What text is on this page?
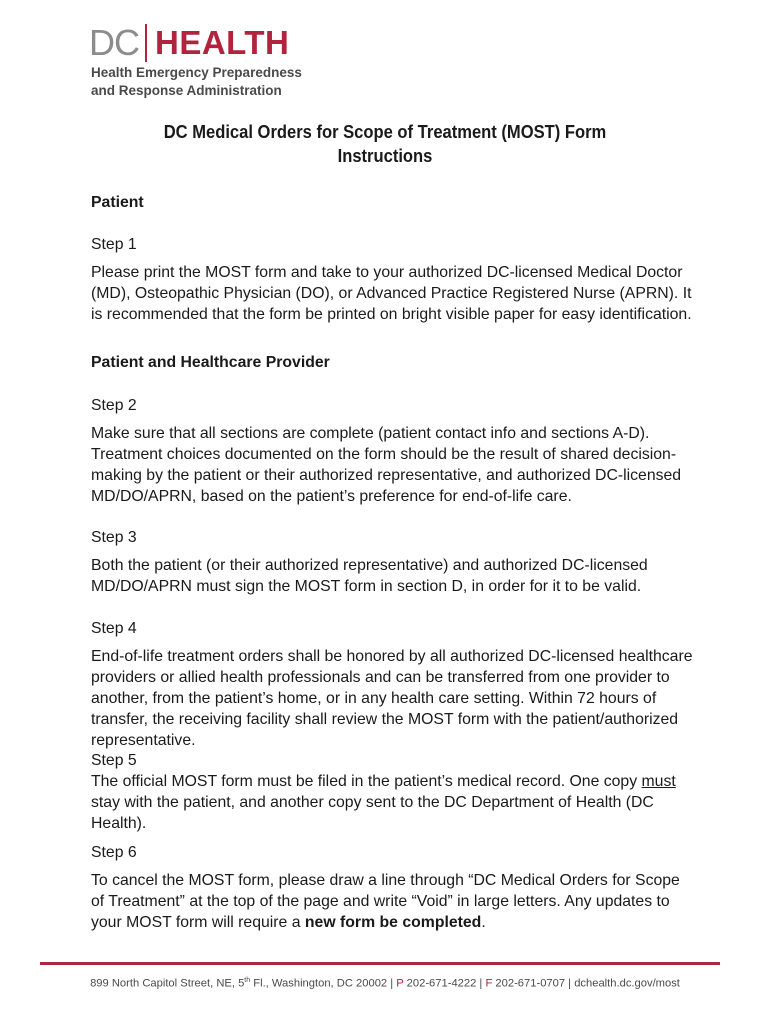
DC HEALTH
Health Emergency Preparedness
and Response Administration
DC Medical Orders for Scope of Treatment (MOST) Form
Instructions
Patient
Step 1
Please print the MOST form and take to your authorized DC-licensed Medical Doctor (MD), Osteopathic Physician (DO), or Advanced Practice Registered Nurse (APRN). It is recommended that the form be printed on bright visible paper for easy identification.
Patient and Healthcare Provider
Step 2
Make sure that all sections are complete (patient contact info and sections A-D). Treatment choices documented on the form should be the result of shared decision-making by the patient or their authorized representative, and authorized DC-licensed MD/DO/APRN, based on the patient’s preference for end-of-life care.
Step 3
Both the patient (or their authorized representative) and authorized DC-licensed MD/DO/APRN must sign the MOST form in section D, in order for it to be valid.
Step 4
End-of-life treatment orders shall be honored by all authorized DC-licensed healthcare providers or allied health professionals and can be transferred from one provider to another, from the patient’s home, or in any health care setting. Within 72 hours of transfer, the receiving facility shall review the MOST form with the patient/authorized representative.
Step 5
The official MOST form must be filed in the patient’s medical record. One copy must stay with the patient, and another copy sent to the DC Department of Health (DC Health).
Step 6
To cancel the MOST form, please draw a line through “DC Medical Orders for Scope of Treatment” at the top of the page and write “Void” in large letters. Any updates to your MOST form will require a new form be completed.
899 North Capitol Street, NE, 5th Fl., Washington, DC 20002 | P 202-671-4222 | F 202-671-0707 | dchealth.dc.gov/most
